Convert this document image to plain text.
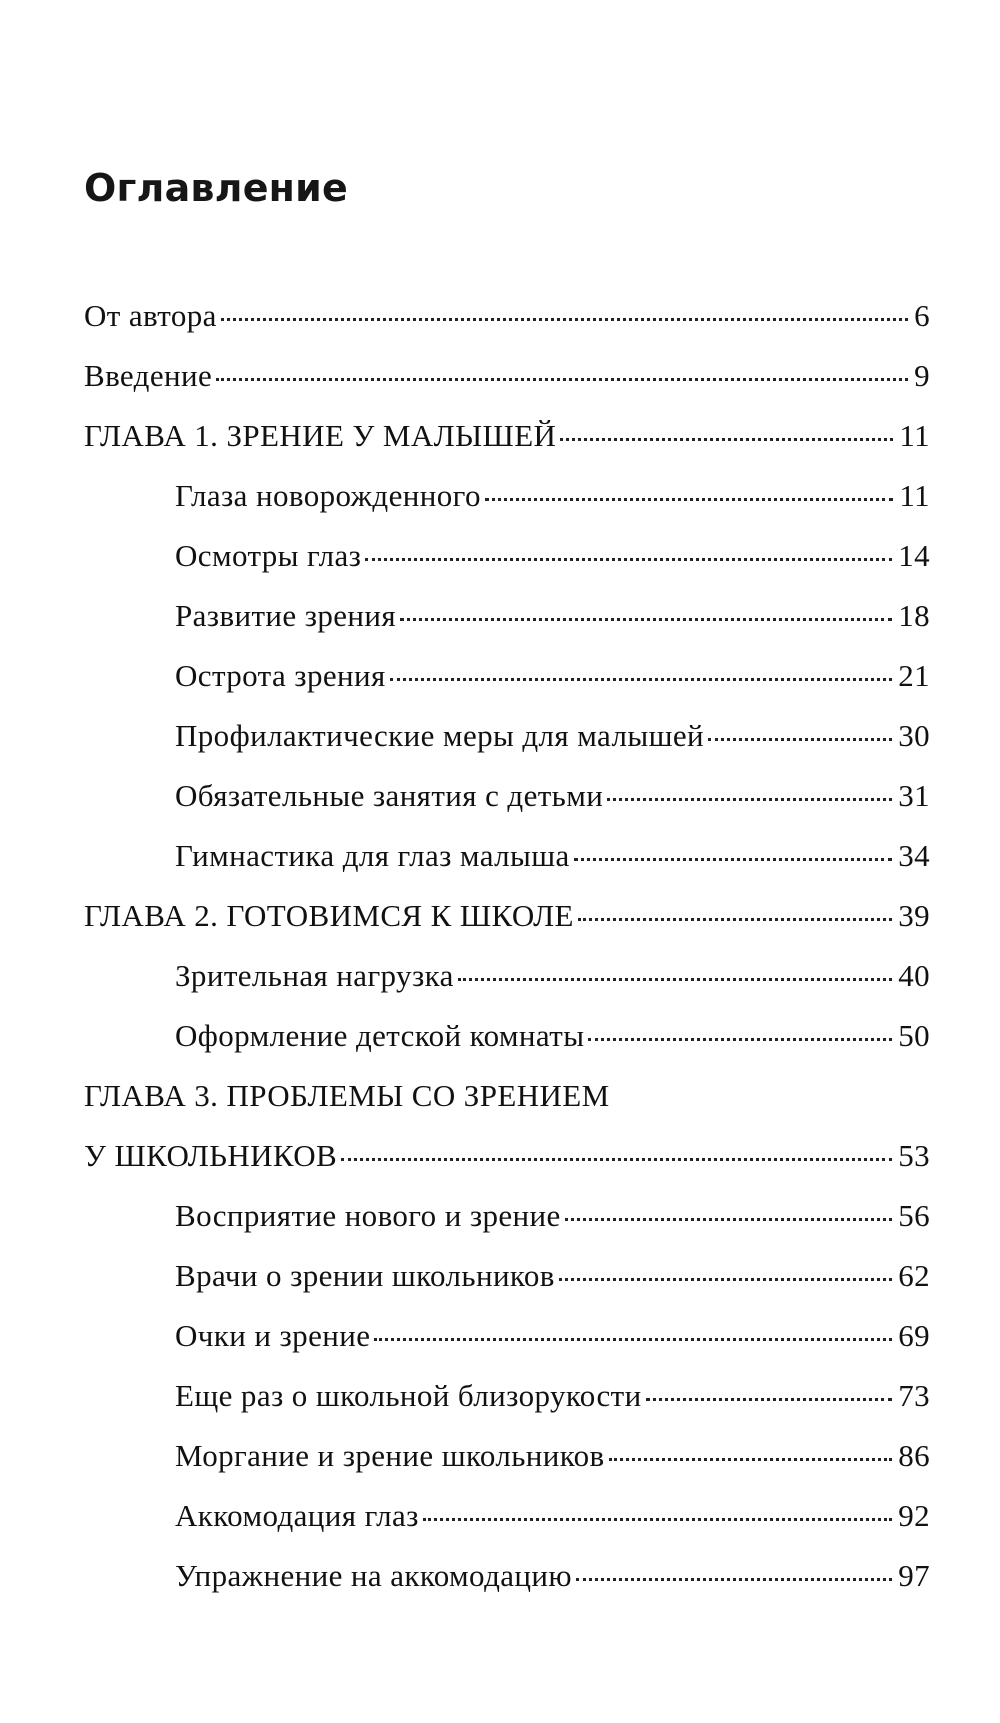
Оглавление
От автора	6
Введение	9
ГЛАВА 1. ЗРЕНИЕ У МАЛЫШЕЙ	11
Глаза новорожденного	11
Осмотры глаз	14
Развитие зрения	18
Острота зрения	21
Профилактические меры для малышей	30
Обязательные занятия с детьми	31
Гимнастика для глаз малыша	34
ГЛАВА 2. ГОТОВИМСЯ К ШКОЛЕ	39
Зрительная нагрузка	40
Оформление детской комнаты	50
ГЛАВА 3. ПРОБЛЕМЫ СО ЗРЕНИЕМ
У ШКОЛЬНИКОВ	53
Восприятие нового и зрение	56
Врачи о зрении школьников	62
Очки и зрение	69
Еще раз о школьной близорукости	73
Моргание и зрение школьников	86
Аккомодация глаз	92
Упражнение на аккомодацию	97
